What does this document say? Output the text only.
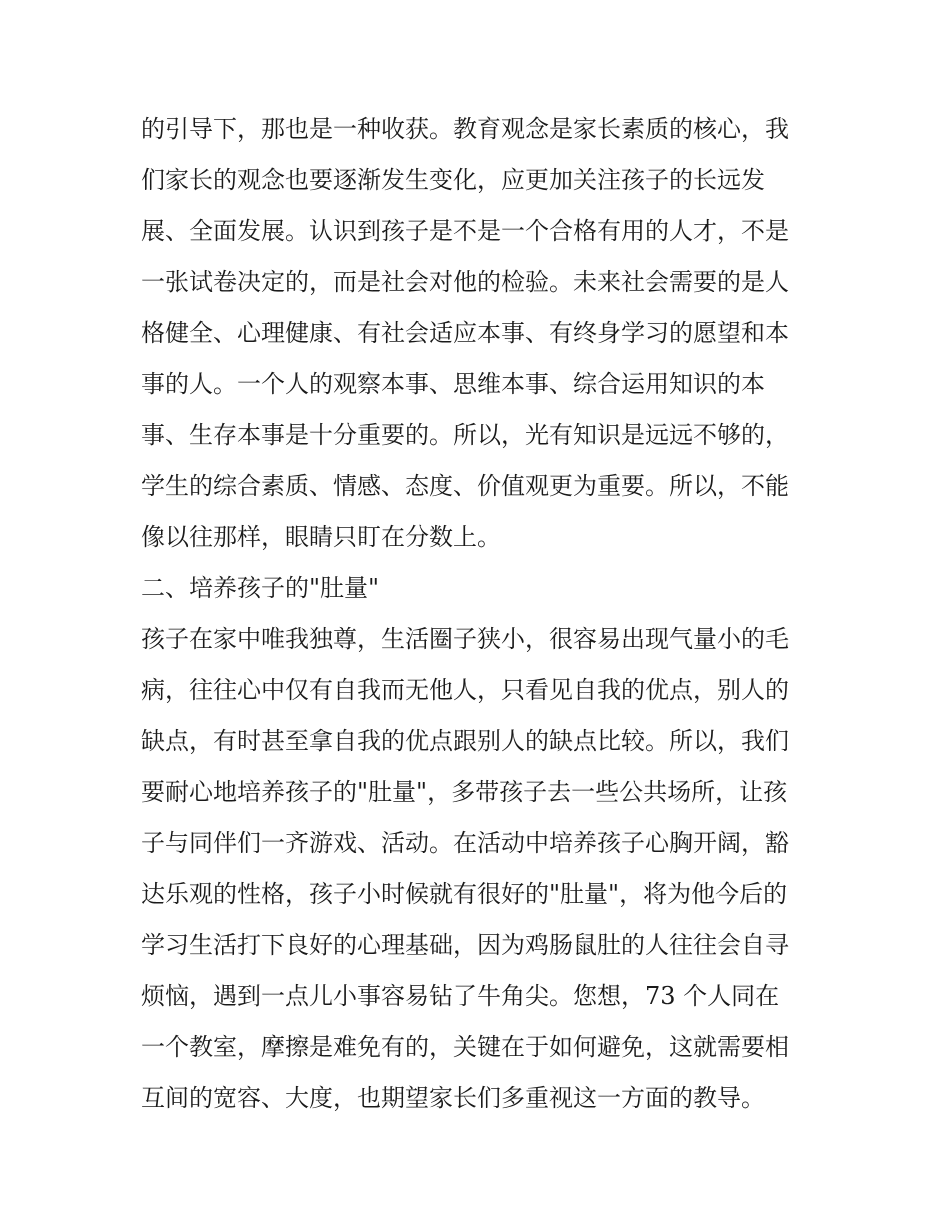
的引导下，那也是一种收获。教育观念是家长素质的核心，我
们家长的观念也要逐渐发生变化，应更加关注孩子的长远发
展、全面发展。认识到孩子是不是一个合格有用的人才，不是
一张试卷决定的，而是社会对他的检验。未来社会需要的是人
格健全、心理健康、有社会适应本事、有终身学习的愿望和本
事的人。一个人的观察本事、思维本事、综合运用知识的本
事、生存本事是十分重要的。所以，光有知识是远远不够的，
学生的综合素质、情感、态度、价值观更为重要。所以，不能
像以往那样，眼睛只盯在分数上。
二、培养孩子的"肚量"
孩子在家中唯我独尊，生活圈子狭小，很容易出现气量小的毛
病，往往心中仅有自我而无他人，只看见自我的优点，别人的
缺点，有时甚至拿自我的优点跟别人的缺点比较。所以，我们
要耐心地培养孩子的"肚量"，多带孩子去一些公共场所，让孩
子与同伴们一齐游戏、活动。在活动中培养孩子心胸开阔，豁
达乐观的性格，孩子小时候就有很好的"肚量"，将为他今后的
学习生活打下良好的心理基础，因为鸡肠鼠肚的人往往会自寻
烦恼，遇到一点儿小事容易钻了牛角尖。您想，73 个人同在
一个教室，摩擦是难免有的，关键在于如何避免，这就需要相
互间的宽容、大度，也期望家长们多重视这一方面的教导。
